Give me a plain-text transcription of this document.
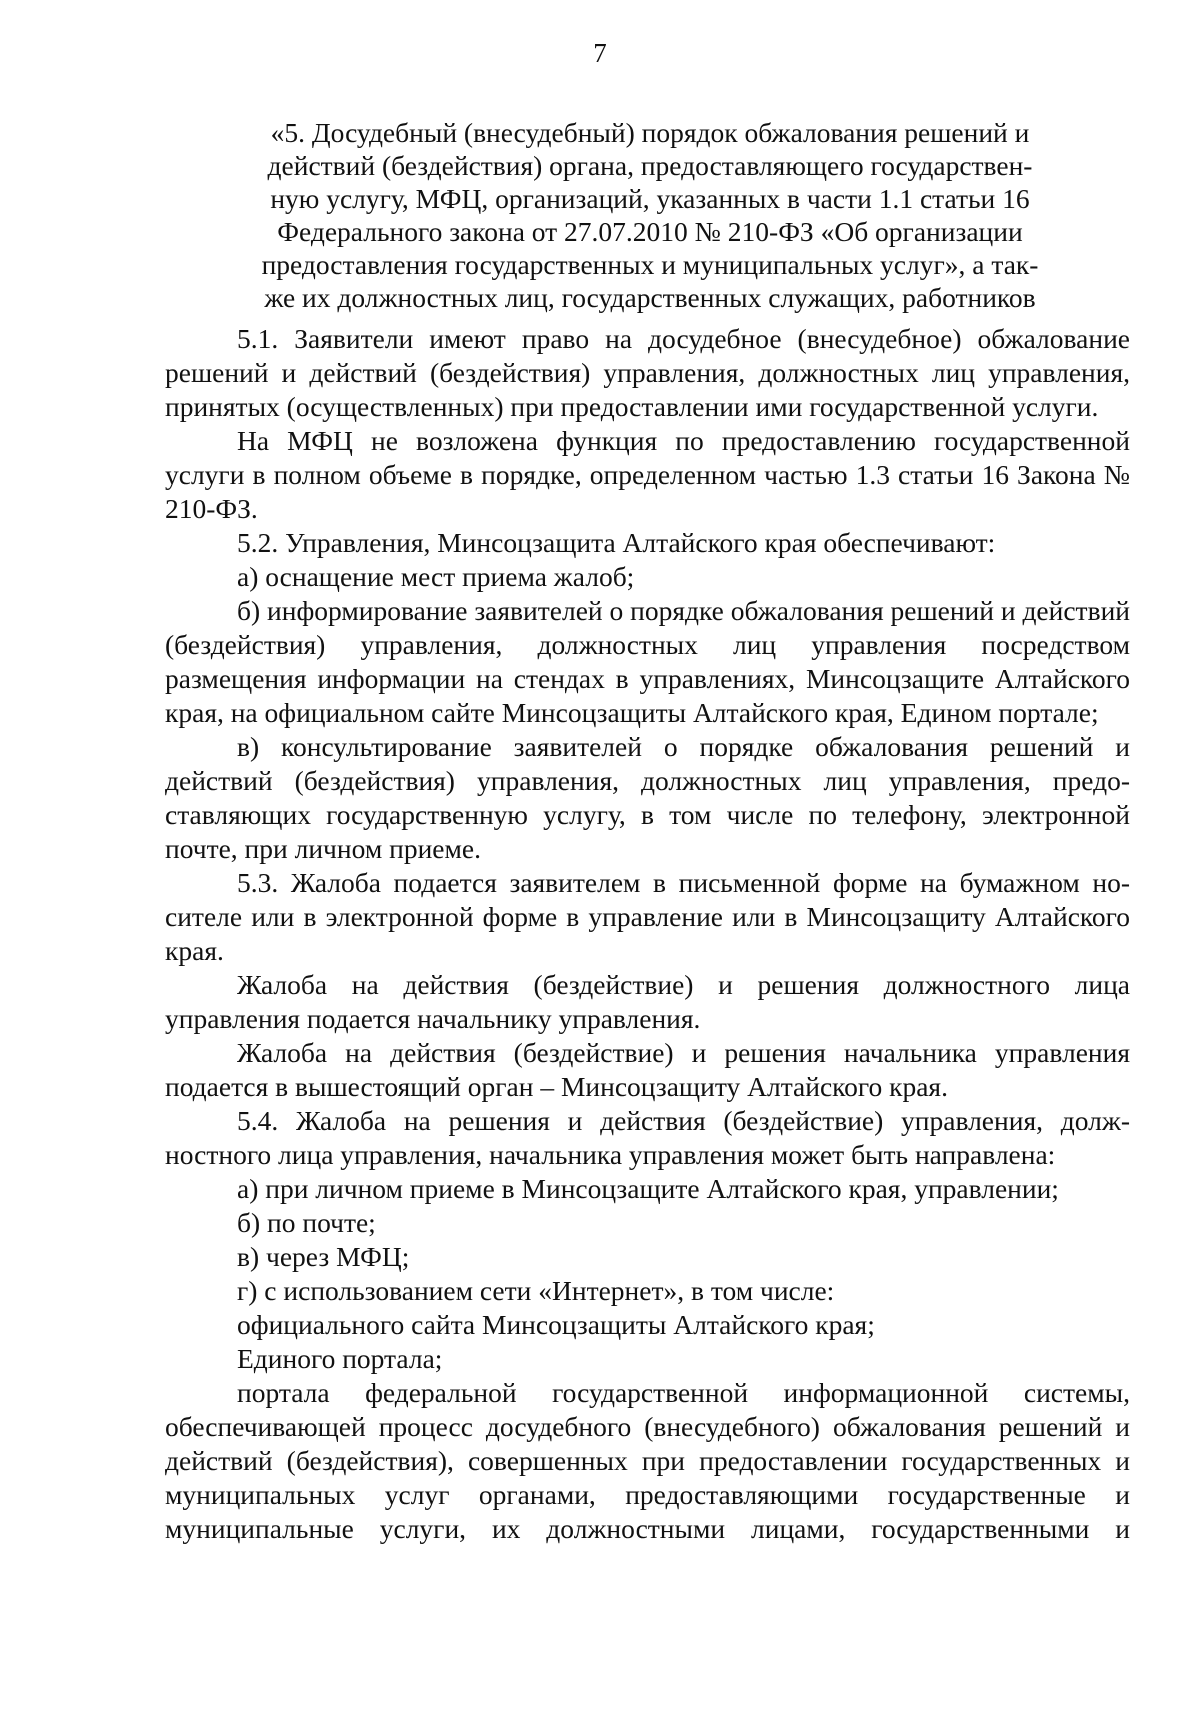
7
«5. Досудебный (внесудебный) порядок обжалования решений и
действий (бездействия) органа, предоставляющего государствен-
ную услугу, МФЦ, организаций, указанных в части 1.1 статьи 16
Федерального закона от 27.07.2010 № 210-ФЗ «Об организации
предоставления государственных и муниципальных услуг», а так-
же их должностных лиц, государственных служащих, работников

5.1. Заявители имеют право на досудебное (внесудебное) обжалование решений и действий (бездействия) управления, должностных лиц управления, принятых (осуществленных) при предоставлении ими государственной услуги.

На МФЦ не возложена функция по предоставлению государственной услуги в полном объеме в порядке, определенном частью 1.3 статьи 16 Закона № 210-ФЗ.

5.2. Управления, Минсоцзащита Алтайского края обеспечивают:

а) оснащение мест приема жалоб;

б) информирование заявителей о порядке обжалования решений и действий (бездействия) управления, должностных лиц управления посредством размещения информации на стендах в управлениях, Минсоцзащите Алтайского края, на официальном сайте Минсоцзащиты Алтайского края, Едином портале;

в) консультирование заявителей о порядке обжалования решений и действий (бездействия) управления, должностных лиц управления, предоставляющих государственную услугу, в том числе по телефону, электронной почте, при личном приеме.

5.3. Жалоба подается заявителем в письменной форме на бумажном носителе или в электронной форме в управление или в Минсоцзащиту Алтайского края.

Жалоба на действия (бездействие) и решения должностного лица управления подается начальнику управления.

Жалоба на действия (бездействие) и решения начальника управления подается в вышестоящий орган – Минсоцзащиту Алтайского края.

5.4. Жалоба на решения и действия (бездействие) управления, должностного лица управления, начальника управления может быть направлена:

а) при личном приеме в Минсоцзащите Алтайского края, управлении;

б) по почте;

в) через МФЦ;

г) с использованием сети «Интернет», в том числе:

официального сайта Минсоцзащиты Алтайского края;

Единого портала;

портала федеральной государственной информационной системы, обеспечивающей процесс досудебного (внесудебного) обжалования решений и действий (бездействия), совершенных при предоставлении государственных и муниципальных услуг органами, предоставляющими государственные и муниципальные услуги, их должностными лицами, государственными и
